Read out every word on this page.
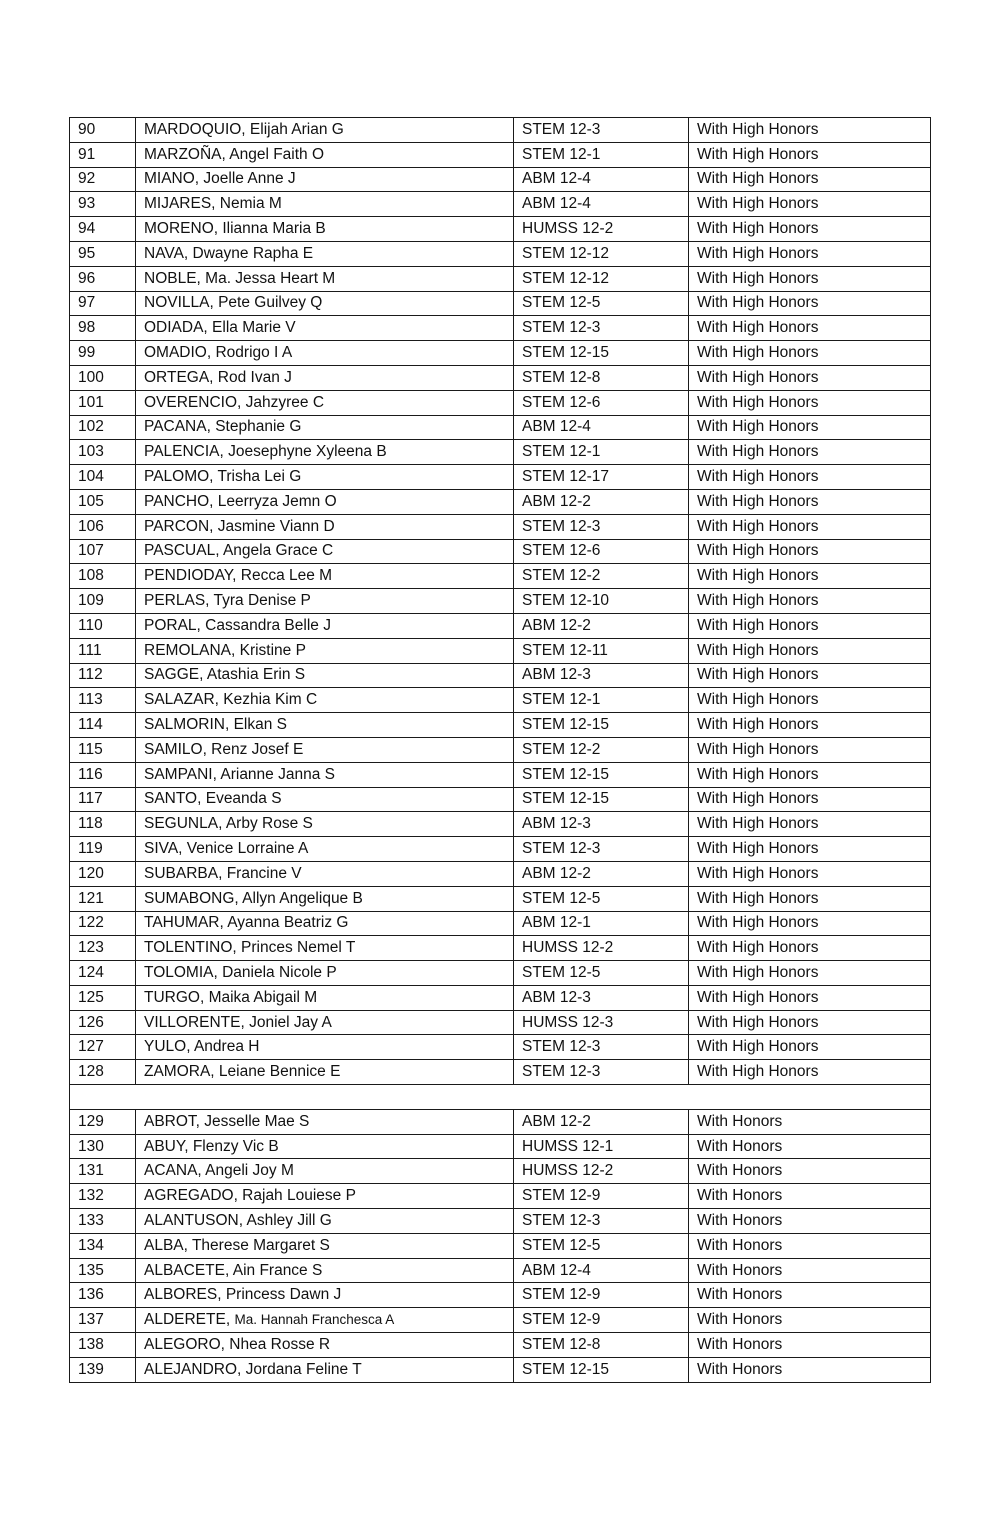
90	MARDOQUIO, Elijah Arian G	STEM 12-3	With High Honors
91	MARZOÑA, Angel Faith O	STEM 12-1	With High Honors
92	MIANO, Joelle Anne J	ABM 12-4	With High Honors
93	MIJARES, Nemia M	ABM 12-4	With High Honors
94	MORENO, Ilianna Maria B	HUMSS 12-2	With High Honors
95	NAVA, Dwayne Rapha E	STEM 12-12	With High Honors
96	NOBLE, Ma. Jessa Heart M	STEM 12-12	With High Honors
97	NOVILLA, Pete Guilvey Q	STEM 12-5	With High Honors
98	ODIADA, Ella Marie V	STEM 12-3	With High Honors
99	OMADIO, Rodrigo I A	STEM 12-15	With High Honors
100	ORTEGA, Rod Ivan J	STEM 12-8	With High Honors
101	OVERENCIO, Jahzyree C	STEM 12-6	With High Honors
102	PACANA, Stephanie G	ABM 12-4	With High Honors
103	PALENCIA, Joesephyne Xyleena B	STEM 12-1	With High Honors
104	PALOMO, Trisha Lei G	STEM 12-17	With High Honors
105	PANCHO, Leerryza Jemn O	ABM 12-2	With High Honors
106	PARCON, Jasmine Viann D	STEM 12-3	With High Honors
107	PASCUAL, Angela Grace C	STEM 12-6	With High Honors
108	PENDIODAY, Recca Lee M	STEM 12-2	With High Honors
109	PERLAS, Tyra Denise P	STEM 12-10	With High Honors
110	PORAL, Cassandra Belle J	ABM 12-2	With High Honors
111	REMOLANA, Kristine P	STEM 12-11	With High Honors
112	SAGGE, Atashia Erin S	ABM 12-3	With High Honors
113	SALAZAR, Kezhia Kim C	STEM 12-1	With High Honors
114	SALMORIN, Elkan S	STEM 12-15	With High Honors
115	SAMILO, Renz Josef E	STEM 12-2	With High Honors
116	SAMPANI, Arianne Janna S	STEM 12-15	With High Honors
117	SANTO, Eveanda S	STEM 12-15	With High Honors
118	SEGUNLA, Arby Rose S	ABM 12-3	With High Honors
119	SIVA, Venice Lorraine A	STEM 12-3	With High Honors
120	SUBARBA, Francine V	ABM 12-2	With High Honors
121	SUMABONG, Allyn Angelique B	STEM 12-5	With High Honors
122	TAHUMAR, Ayanna Beatriz G	ABM 12-1	With High Honors
123	TOLENTINO, Princes Nemel T	HUMSS 12-2	With High Honors
124	TOLOMIA, Daniela Nicole P	STEM 12-5	With High Honors
125	TURGO, Maika Abigail M	ABM 12-3	With High Honors
126	VILLORENTE, Joniel Jay A	HUMSS 12-3	With High Honors
127	YULO, Andrea H	STEM 12-3	With High Honors
128	ZAMORA, Leiane Bennice E	STEM 12-3	With High Honors

129	ABROT, Jesselle Mae S	ABM 12-2	With Honors
130	ABUY, Flenzy Vic B	HUMSS 12-1	With Honors
131	ACANA, Angeli Joy M	HUMSS 12-2	With Honors
132	AGREGADO, Rajah Louiese P	STEM 12-9	With Honors
133	ALANTUSON, Ashley Jill G	STEM 12-3	With Honors
134	ALBA, Therese Margaret S	STEM 12-5	With Honors
135	ALBACETE, Ain France S	ABM 12-4	With Honors
136	ALBORES, Princess Dawn J	STEM 12-9	With Honors
137	ALDERETE, Ma. Hannah Franchesca A	STEM 12-9	With Honors
138	ALEGORO, Nhea Rosse R	STEM 12-8	With Honors
139	ALEJANDRO, Jordana Feline T	STEM 12-15	With Honors
